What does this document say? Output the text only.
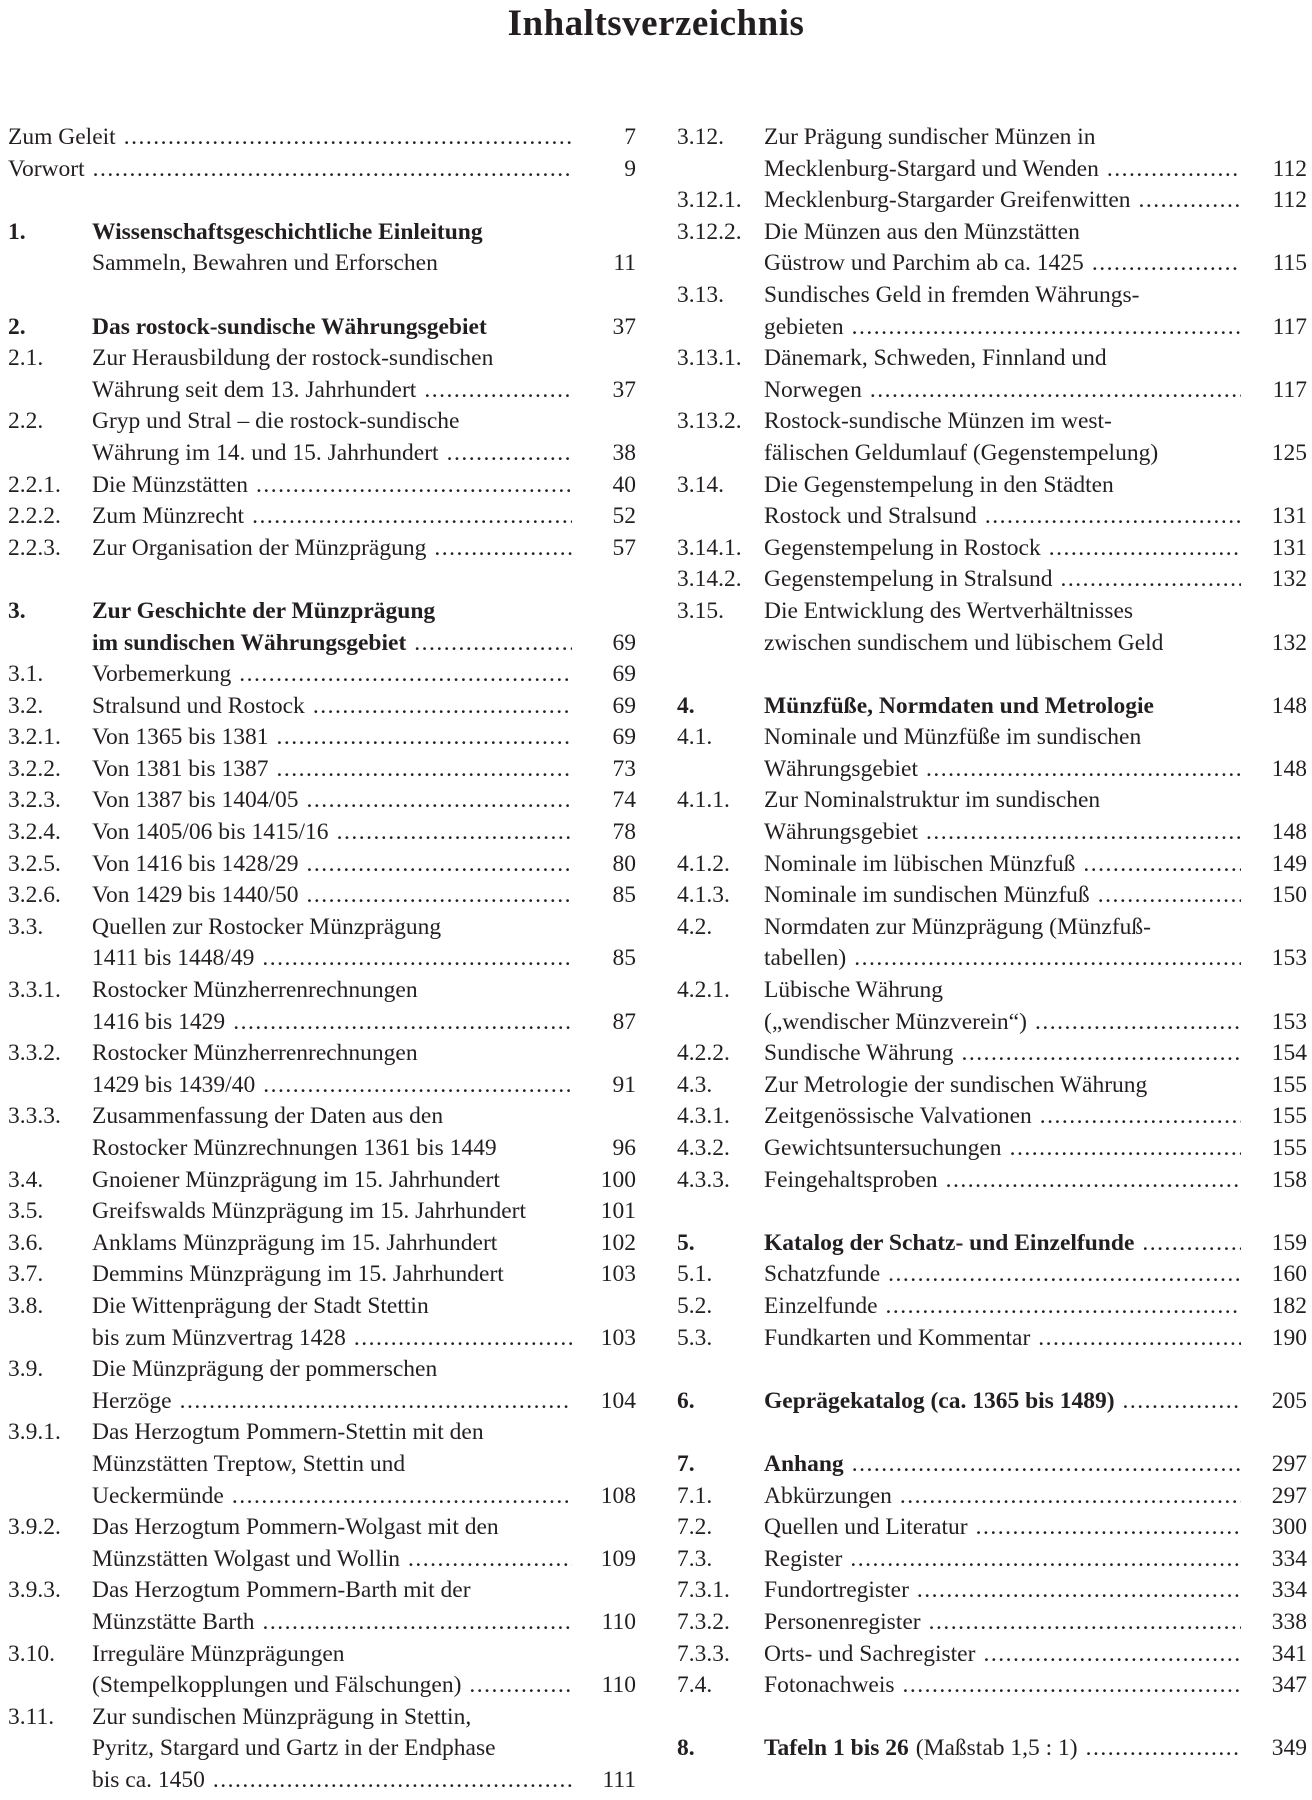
Inhaltsverzeichnis
Zum Geleit .....	7
Vorwort .....	9
1.	Wissenschaftsgeschichtliche Einleitung
Sammeln, Bewahren und Erforschen	11
2.	Das rostock-sundische Währungsgebiet	37
2.1. Zur Herausbildung der rostock-sundischen
Währung seit dem 13. Jahrhundert .....	37
2.2. Gryp und Stral – die rostock-sundische
Währung im 14. und 15. Jahrhundert .....	38
2.2.1. Die Münzstätten .....	40
2.2.2. Zum Münzrecht .....	52
2.2.3. Zur Organisation der Münzprägung .....	57
3.	Zur Geschichte der Münzprägung
im sundischen Währungsgebiet .....	69
3.1. Vorbemerkung .....	69
3.2. Stralsund und Rostock .....	69
3.2.1. Von 1365 bis 1381 .....	69
3.2.2. Von 1381 bis 1387 .....	73
3.2.3. Von 1387 bis 1404/05 .....	74
3.2.4. Von 1405/06 bis 1415/16 .....	78
3.2.5. Von 1416 bis 1428/29 .....	80
3.2.6. Von 1429 bis 1440/50 .....	85
3.3. Quellen zur Rostocker Münzprägung
1411 bis 1448/49 .....	85
3.3.1. Rostocker Münzherrenrechnungen
1416 bis 1429 .....	87
3.3.2. Rostocker Münzherrenrechnungen
1429 bis 1439/40 .....	91
3.3.3. Zusammenfassung der Daten aus den
Rostocker Münzrechnungen 1361 bis 1449	96
3.4. Gnoiener Münzprägung im 15. Jahrhundert	100
3.5. Greifswalds Münzprägung im 15. Jahrhundert	101
3.6. Anklams Münzprägung im 15. Jahrhundert	102
3.7. Demmins Münzprägung im 15. Jahrhundert	103
3.8. Die Wittenprägung der Stadt Stettin
bis zum Münzvertrag 1428 .....	103
3.9. Die Münzprägung der pommerschen
Herzöge .....	104
3.9.1. Das Herzogtum Pommern-Stettin mit den
Münzstätten Treptow, Stettin und
Ueckermünde .....	108
3.9.2. Das Herzogtum Pommern-Wolgast mit den
Münzstätten Wolgast und Wollin .....	109
3.9.3. Das Herzogtum Pommern-Barth mit der
Münzstätte Barth .....	110
3.10. Irreguläre Münzprägungen
(Stempelkopplungen und Fälschungen) .....	110
3.11. Zur sundischen Münzprägung in Stettin,
Pyritz, Stargard und Gartz in der Endphase
bis ca. 1450 .....	111
3.12. Zur Prägung sundischer Münzen in
Mecklenburg-Stargard und Wenden .....	112
3.12.1. Mecklenburg-Stargarder Greifenwitten .....	112
3.12.2. Die Münzen aus den Münzstätten
Güstrow und Parchim ab ca. 1425 .....	115
3.13. Sundisches Geld in fremden Währungs-
gebieten .....	117
3.13.1. Dänemark, Schweden, Finnland und
Norwegen .....	117
3.13.2. Rostock-sundische Münzen im west-
fälischen Geldumlauf (Gegenstempelung)	125
3.14. Die Gegenstempelung in den Städten
Rostock und Stralsund .....	131
3.14.1. Gegenstempelung in Rostock .....	131
3.14.2. Gegenstempelung in Stralsund .....	132
3.15. Die Entwicklung des Wertverhältnisses
zwischen sundischem und lübischem Geld	132
4.	Münzfüße, Normdaten und Metrologie	148
4.1. Nominale und Münzfüße im sundischen
Währungsgebiet .....	148
4.1.1. Zur Nominalstruktur im sundischen
Währungsgebiet .....	148
4.1.2. Nominale im lübischen Münzfuß .....	149
4.1.3. Nominale im sundischen Münzfuß .....	150
4.2. Normdaten zur Münzprägung (Münzfuß-
tabellen) .....	153
4.2.1. Lübische Währung
(„wendischer Münzverein“) .....	153
4.2.2. Sundische Währung .....	154
4.3. Zur Metrologie der sundischen Währung	155
4.3.1. Zeitgenössische Valvationen .....	155
4.3.2. Gewichtsuntersuchungen .....	155
4.3.3. Feingehaltsproben .....	158
5.	Katalog der Schatz- und Einzelfunde .....	159
5.1. Schatzfunde .....	160
5.2. Einzelfunde .....	182
5.3. Fundkarten und Kommentar .....	190
6.	Geprägekatalog (ca. 1365 bis 1489) .....	205
7.	Anhang .....	297
7.1. Abkürzungen .....	297
7.2. Quellen und Literatur .....	300
7.3. Register .....	334
7.3.1. Fundortregister .....	334
7.3.2. Personenregister .....	338
7.3.3. Orts- und Sachregister .....	341
7.4. Fotonachweis .....	347
8.	Tafeln 1 bis 26 (Maßstab 1,5 : 1) .....	349
